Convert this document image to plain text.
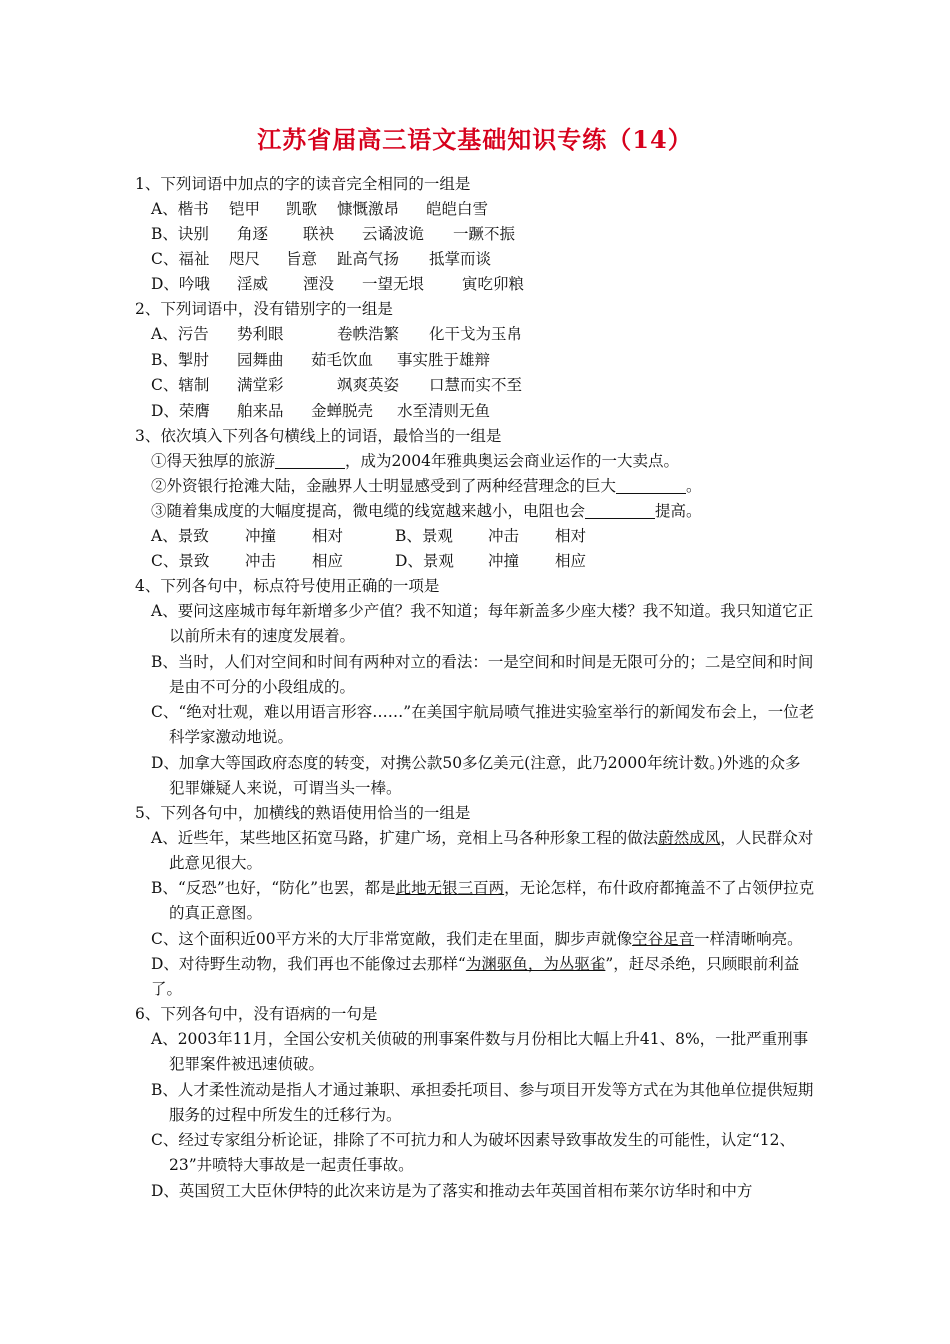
江苏省届高三语文基础知识专练（14）
1、下列词语中加点的字的读音完全相同的一组是
A、楷书 铠甲 凯歌 慷慨激昂 皑皑白雪
B、诀别 角逐 联袂 云谲波诡 一蹶不振
C、福祉 咫尺 旨意 趾高气扬 抵掌而谈
D、吟哦 淫威 湮没 一望无垠 寅吃卯粮
2、下列词语中，没有错别字的一组是
A、污告 势利眼	卷帙浩繁 化干戈为玉帛
B、掣肘 园舞曲 茹毛饮血 事实胜于雄辩
C、辖制 满堂彩	飒爽英姿 口慧而实不至
D、荣膺 舶来品 金蝉脱壳 水至清则无鱼
3、依次填入下列各句横线上的词语，最恰当的一组是
①得天独厚的旅游	，成为2004年雅典奥运会商业运作的一大卖点。
②外资银行抢滩大陆，金融界人士明显感受到了两种经营理念的巨大	。
③随着集成度的大幅度提高，微电缆的线宽越来越小，电阻也会	提高。
A、景致 冲撞 相对	B、景观 冲击 相对
C、景致 冲击 相应	D、景观 冲撞 相应
4、下列各句中，标点符号使用正确的一项是
A、要问这座城市每年新增多少产值？我不知道；每年新盖多少座大楼？我不知道。我只知道它正以前所未有的速度发展着。
B、当时，人们对空间和时间有两种对立的看法：一是空间和时间是无限可分的；二是空间和时间是由不可分的小段组成的。
C、“绝对壮观，难以用语言形容……”在美国宇航局喷气推进实验室举行的新闻发布会上，一位老科学家激动地说。
D、加拿大等国政府态度的转变，对携公款50多亿美元(注意，此乃2000年统计数。)外逃的众多犯罪嫌疑人来说，可谓当头一棒。
5、下列各句中，加横线的熟语使用恰当的一组是
A、近些年，某些地区拓宽马路，扩建广场，竞相上马各种形象工程的做法蔚然成风，人民群众对此意见很大。
B、“反恐”也好，“防化”也罢，都是此地无银三百两，无论怎样，布什政府都掩盖不了占领伊拉克的真正意图。
C、这个面积近00平方米的大厅非常宽敞，我们走在里面，脚步声就像空谷足音一样清晰响亮。
D、对待野生动物，我们再也不能像过去那样“为渊驱鱼，为丛驱雀”，赶尽杀绝，只顾眼前利益了。
6、下列各句中，没有语病的一句是
A、2003年11月，全国公安机关侦破的刑事案件数与月份相比大幅上升41、8%，一批严重刑事犯罪案件被迅速侦破。
B、人才柔性流动是指人才通过兼职、承担委托项目、参与项目开发等方式在为其他单位提供短期服务的过程中所发生的迁移行为。
C、经过专家组分析论证，排除了不可抗力和人为破坏因素导致事故发生的可能性，认定“12、23”井喷特大事故是一起责任事故。
D、英国贸工大臣休伊特的此次来访是为了落实和推动去年英国首相布莱尔访华时和中方
